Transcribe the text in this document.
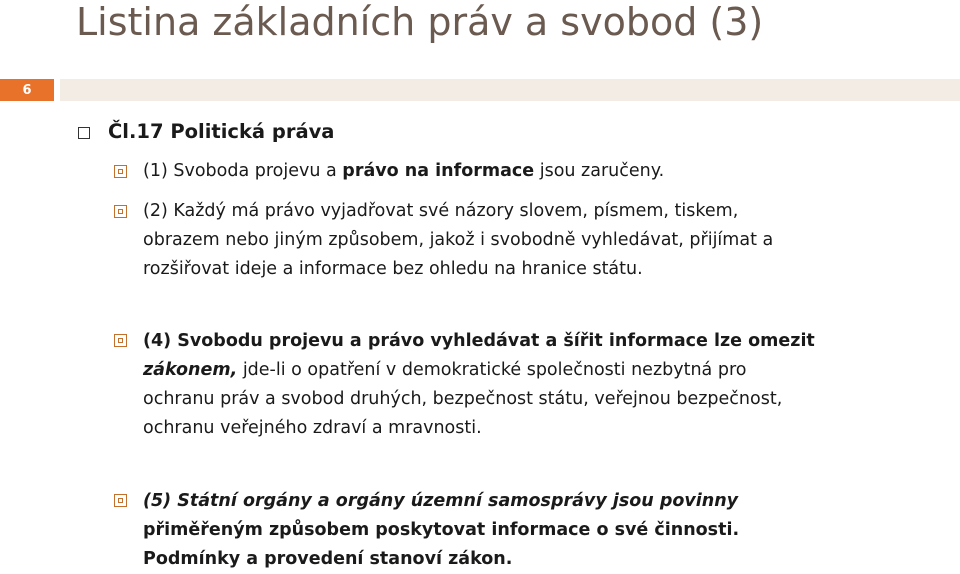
Listina základních práv a svobod (3)
6
Čl.17 Politická práva

(1) Svoboda projevu a právo na informace jsou zaručeny.

(2) Každý má právo vyjadřovat své názory slovem, písmem, tiskem,

obrazem nebo jiným způsobem, jakož i svobodně vyhledávat, přijímat a

rozšiřovat ideje a informace bez ohledu na hranice státu.

(4) Svobodu projevu a právo vyhledávat a šířit informace lze omezit

zákonem, jde-li o opatření v demokratické společnosti nezbytná pro

ochranu práv a svobod druhých, bezpečnost státu, veřejnou bezpečnost,

ochranu veřejného zdraví a mravnosti.

(5) Státní orgány a orgány územní samosprávy jsou povinny

přiměřeným způsobem poskytovat informace o své činnosti.

Podmínky a provedení stanoví zákon.
